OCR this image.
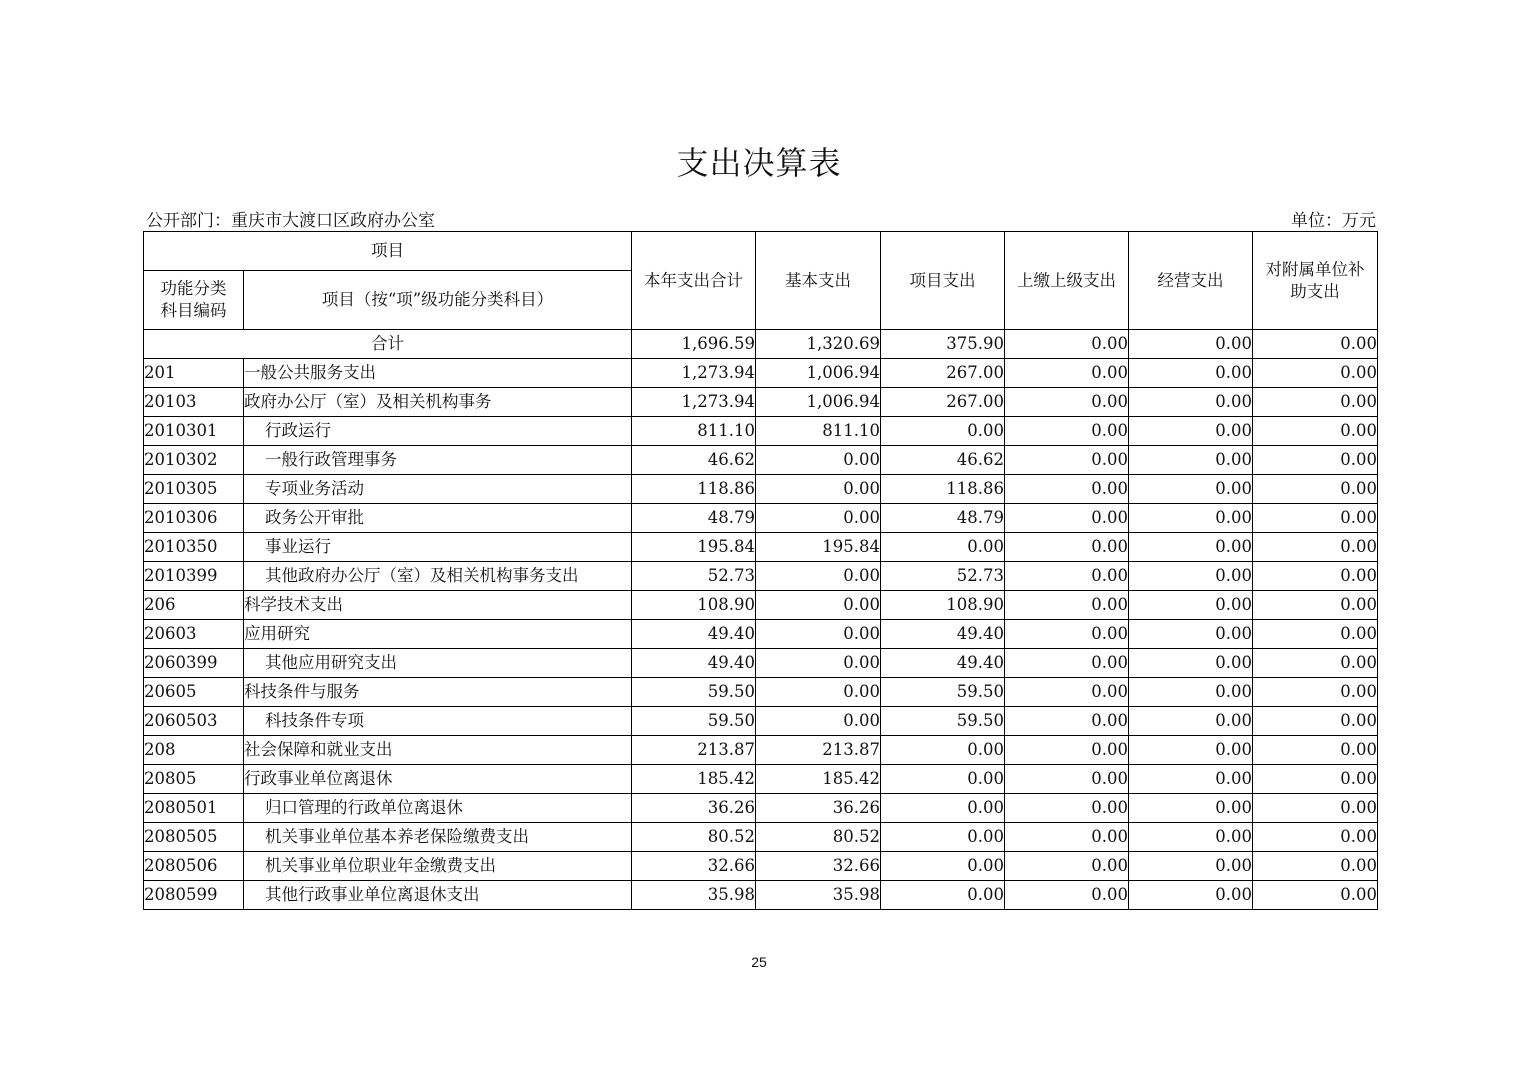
支出决算表
公开部门：重庆市大渡口区政府办公室	单位：万元
项目		本年支出合计	基本支出	项目支出	上缴上级支出	经营支出	对附属单位补助支出
功能分类科目编码	项目（按“项”级功能分类科目）						
合计		1,696.59	1,320.69	375.90	0.00	0.00	0.00
201	一般公共服务支出	1,273.94	1,006.94	267.00	0.00	0.00	0.00
20103	政府办公厅（室）及相关机构事务	1,273.94	1,006.94	267.00	0.00	0.00	0.00
2010301	行政运行	811.10	811.10	0.00	0.00	0.00	0.00
2010302	一般行政管理事务	46.62	0.00	46.62	0.00	0.00	0.00
2010305	专项业务活动	118.86	0.00	118.86	0.00	0.00	0.00
2010306	政务公开审批	48.79	0.00	48.79	0.00	0.00	0.00
2010350	事业运行	195.84	195.84	0.00	0.00	0.00	0.00
2010399	其他政府办公厅（室）及相关机构事务支出	52.73	0.00	52.73	0.00	0.00	0.00
206	科学技术支出	108.90	0.00	108.90	0.00	0.00	0.00
20603	应用研究	49.40	0.00	49.40	0.00	0.00	0.00
2060399	其他应用研究支出	49.40	0.00	49.40	0.00	0.00	0.00
20605	科技条件与服务	59.50	0.00	59.50	0.00	0.00	0.00
2060503	科技条件专项	59.50	0.00	59.50	0.00	0.00	0.00
208	社会保障和就业支出	213.87	213.87	0.00	0.00	0.00	0.00
20805	行政事业单位离退休	185.42	185.42	0.00	0.00	0.00	0.00
2080501	归口管理的行政单位离退休	36.26	36.26	0.00	0.00	0.00	0.00
2080505	机关事业单位基本养老保险缴费支出	80.52	80.52	0.00	0.00	0.00	0.00
2080506	机关事业单位职业年金缴费支出	32.66	32.66	0.00	0.00	0.00	0.00
2080599	其他行政事业单位离退休支出	35.98	35.98	0.00	0.00	0.00	0.00
25
